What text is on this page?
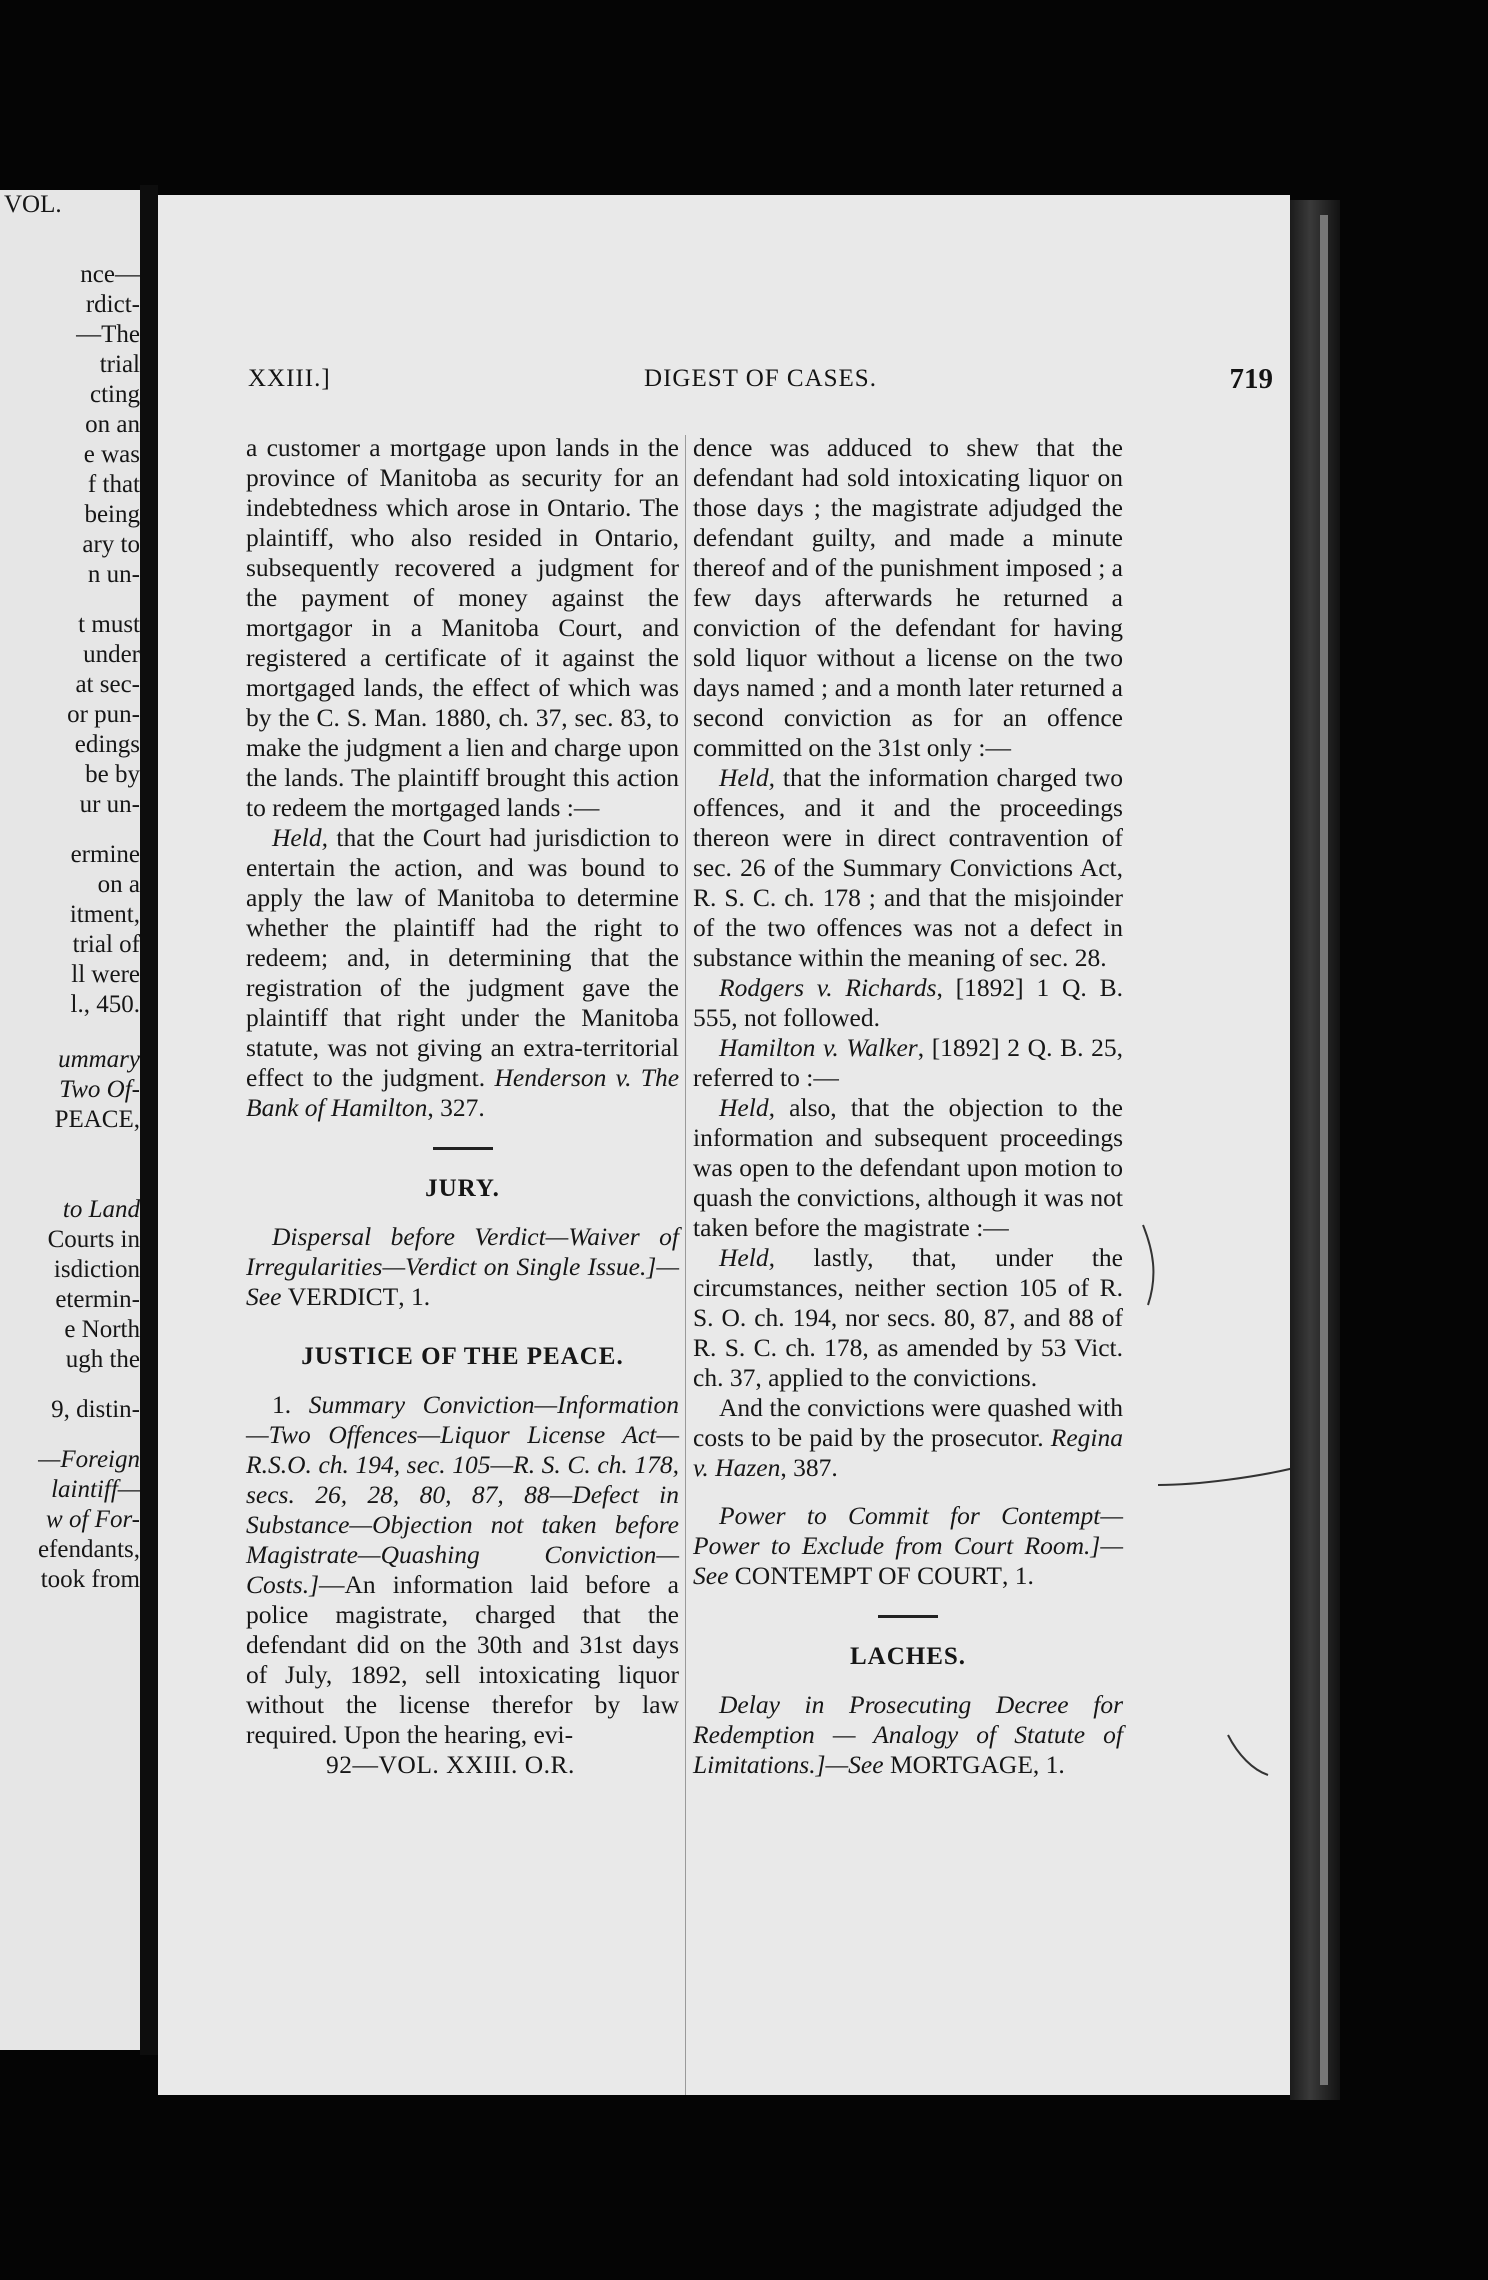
VOL.
nce—
rdict-
—The
trial
cting
on an
e was
f that
being
ary to
n un-
t must
under
at sec-
or pun-
edings
be by
ur un-
ermine
on a
itment,
trial of
ll were
l., 450.
ummary
Two Of-
PEACE,
to Land
Courts in
isdiction
etermin-
e North
ugh the
9, distin-
—Foreign
laintiff—
w of For-
efendants,
took from
XXIII.]	DIGEST OF CASES.	719

a customer a mortgage upon lands in the province of Manitoba as security for an indebtedness which arose in Ontario. The plaintiff, who also resided in Ontario, subsequently recovered a judgment for the payment of money against the mortgagor in a Manitoba Court, and registered a certificate of it against the mortgaged lands, the effect of which was by the C. S. Man. 1880, ch. 37, sec. 83, to make the judgment a lien and charge upon the lands. The plaintiff brought this action to redeem the mortgaged lands :—

Held, that the Court had jurisdiction to entertain the action, and was bound to apply the law of Manitoba to determine whether the plaintiff had the right to redeem; and, in determining that the registration of the judgment gave the plaintiff that right under the Manitoba statute, was not giving an extra-territorial effect to the judgment. Henderson v. The Bank of Hamilton, 327.

JURY.

Dispersal before Verdict—Waiver of Irregularities—Verdict on Single Issue.]—See VERDICT, 1.

JUSTICE OF THE PEACE.

1. Summary Conviction—Information—Two Offences—Liquor License Act—R.S.O. ch. 194, sec. 105—R. S. C. ch. 178, secs. 26, 28, 80, 87, 88—Defect in Substance—Objection not taken before Magistrate—Quashing Conviction—Costs.]—An information laid before a police magistrate, charged that the defendant did on the 30th and 31st days of July, 1892, sell intoxicating liquor without the license therefor by law required. Upon the hearing, evi-

92—VOL. XXIII. O.R.

dence was adduced to shew that the defendant had sold intoxicating liquor on those days ; the magistrate adjudged the defendant guilty, and made a minute thereof and of the punishment imposed ; a few days afterwards he returned a conviction of the defendant for having sold liquor without a license on the two days named ; and a month later returned a second conviction as for an offence committed on the 31st only :—

Held, that the information charged two offences, and it and the proceedings thereon were in direct contravention of sec. 26 of the Summary Convictions Act, R. S. C. ch. 178 ; and that the misjoinder of the two offences was not a defect in substance within the meaning of sec. 28.

Rodgers v. Richards, [1892] 1 Q. B. 555, not followed.

Hamilton v. Walker, [1892] 2 Q. B. 25, referred to :—

Held, also, that the objection to the information and subsequent proceedings was open to the defendant upon motion to quash the convictions, although it was not taken before the magistrate :—

Held, lastly, that, under the circumstances, neither section 105 of R. S. O. ch. 194, nor secs. 80, 87, and 88 of R. S. C. ch. 178, as amended by 53 Vict. ch. 37, applied to the convictions.

And the convictions were quashed with costs to be paid by the prosecutor. Regina v. Hazen, 387.

Power to Commit for Contempt—Power to Exclude from Court Room.]—See CONTEMPT OF COURT, 1.

LACHES.

Delay in Prosecuting Decree for Redemption — Analogy of Statute of Limitations.]—See MORTGAGE, 1.
